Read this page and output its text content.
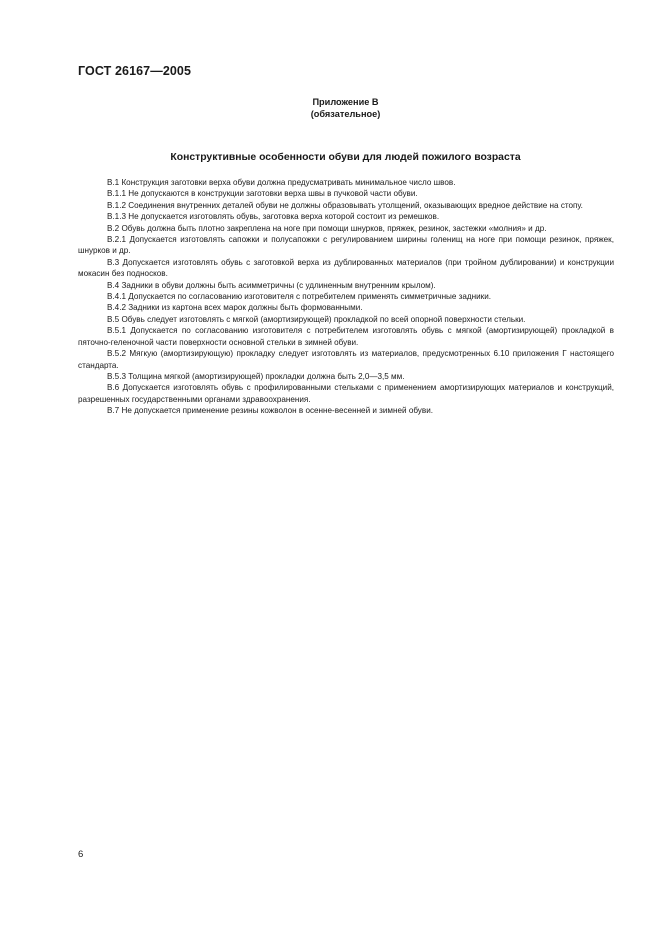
ГОСТ 26167—2005
Приложение В
(обязательное)
Конструктивные особенности обуви для людей пожилого возраста

В.1 Конструкция заготовки верха обуви должна предусматривать минимальное число швов.

В.1.1 Не допускаются в конструкции заготовки верха швы в пучковой части обуви.

В.1.2 Соединения внутренних деталей обуви не должны образовывать утолщений, оказывающих вредное действие на стопу.

В.1.3 Не допускается изготовлять обувь, заготовка верха которой состоит из ремешков.

В.2 Обувь должна быть плотно закреплена на ноге при помощи шнурков, пряжек, резинок, застежки «молния» и др.

В.2.1 Допускается изготовлять сапожки и полусапожки с регулированием ширины голенищ на ноге при помощи резинок, пряжек, шнурков и др.

В.3 Допускается изготовлять обувь с заготовкой верха из дублированных материалов (при тройном дублировании) и конструкции мокасин без подносков.

В.4 Задники в обуви должны быть асимметричны (с удлиненным внутренним крылом).

В.4.1 Допускается по согласованию изготовителя с потребителем применять симметричные задники.

В.4.2 Задники из картона всех марок должны быть формованными.

В.5 Обувь следует изготовлять с мягкой (амортизирующей) прокладкой по всей опорной поверхности стельки.

В.5.1 Допускается по согласованию изготовителя с потребителем изготовлять обувь с мягкой (амортизирующей) прокладкой в пяточно-геленочной части поверхности основной стельки в зимней обуви.

В.5.2 Мягкую (амортизирующую) прокладку следует изготовлять из материалов, предусмотренных 6.10 приложения Г настоящего стандарта.

В.5.3 Толщина мягкой (амортизирующей) прокладки должна быть 2,0—3,5 мм.

В.6 Допускается изготовлять обувь с профилированными стельками с применением амортизирующих материалов и конструкций, разрешенных государственными органами здравоохранения.

В.7 Не допускается применение резины кожволон в осенне-весенней и зимней обуви.

6
